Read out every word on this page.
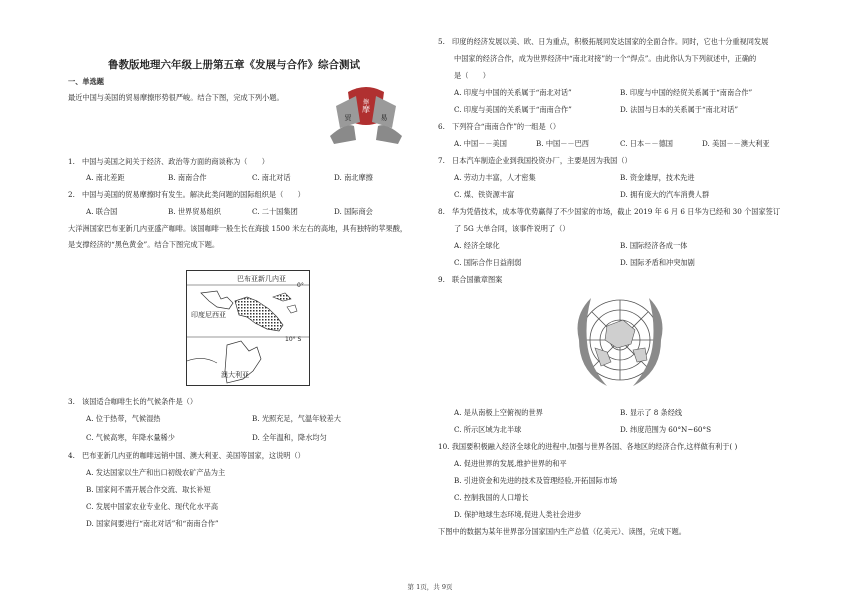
鲁教版地理六年级上册第五章《发展与合作》综合测试
一、单选题
最近中国与美国的贸易摩擦形势很严峻。结合下图，完成下列小题。
摩
贸	易
擦
1.　中国与美国之间关于经济、政治等方面的商谈称为（　　）
A. 南北差距	B. 南南合作	C. 南北对话	D. 南北摩擦
2.　中国与美国的贸易摩擦时有发生。解决此类问题的国际组织是（　　）
A. 联合国	B. 世界贸易组织	C. 二十国集团	D. 国际商会
大洋洲国家巴布亚新几内亚盛产咖啡。该国咖啡一般生长在海拔 1500 米左右的高地，具有独特的苹果酸，
是支撑经济的“黑色黄金”。结合下图完成下题。
巴布亚新几内亚
0°
印度尼西亚
10° S
澳大利亚
3.　该国适合咖啡生长的气候条件是（）
A. 位于热带，气候湿热	B. 光照充足，气温年较差大
C. 气候高寒，年降水量稀少	D. 全年温和，降水均匀
4.　巴布亚新几内亚的咖啡远销中国、澳大利亚、美国等国家，这说明（）
A. 发达国家以生产和出口初级农矿产品为主
B. 国家间不需开展合作交流、取长补短
C. 发展中国家农业专业化、现代化水平高
D. 国家间要进行“南北对话”和“南南合作”
5.　印度的经济发展以美、欧、日为重点，积极拓展同发达国家的全面合作。同时，它也十分重视同发展
中国家的经济合作，成为世界经济中“南北对接”的一个“焊点”。由此你认为下列叙述中，正确的
是（　　）
A. 印度与中国的关系属于“南北对话”	B. 印度与中国的经贸关系属于“南南合作”
C. 印度与美国的关系属于“南南合作”	D. 法国与日本的关系属于“南北对话”
6.　下列符合“南南合作”的一组是（）
A. 中国－－美国	B. 中国－－巴西	C. 日本－－德国	D. 美国－－澳大利亚
7.　日本汽车制造企业到我国投资办厂，主要是因为我国（）
A. 劳动力丰富，人才密集	B. 资金雄厚，技术先进
C. 煤、铁资源丰富	D. 拥有庞大的汽车消费人群
8.　华为凭借技术，成本等优势赢得了不少国家的市场，截止 2019 年 6 月 6 日华为已经和 30 个国家签订
了 5G 大单合同，该事件说明了（）
A. 经济全球化	B. 国际经济各成一体
C. 国际合作日益削弱	D. 国际矛盾和冲突加剧
9.　联合国徽章图案
A. 是从南极上空俯视的世界	B. 显示了 8 条经线
C. 所示区域为北半球	D. 纬度范围为 60°N~60°S
10. 我国要积极融入经济全球化的进程中,加强与世界各国、各地区的经济合作,这样做有利于( )
A. 促进世界的发展,维护世界的和平
B. 引进资金和先进的技术及管理经验,开拓国际市场
C. 控制我国的人口增长
D. 保护地球生态环境,促进人类社会进步
下图中的数据为某年世界部分国家国内生产总值（亿美元）、读图，完成下题。
第 1页，共 9页
